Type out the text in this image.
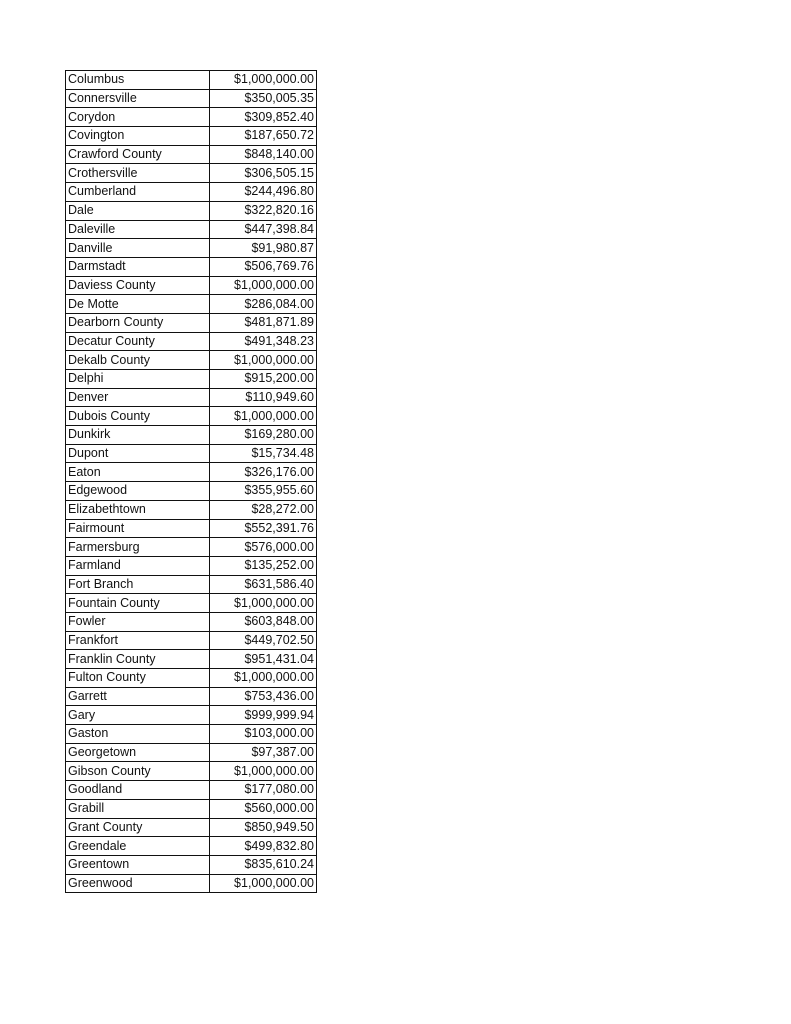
Columbus	$1,000,000.00
Connersville	$350,005.35
Corydon	$309,852.40
Covington	$187,650.72
Crawford County	$848,140.00
Crothersville	$306,505.15
Cumberland	$244,496.80
Dale	$322,820.16
Daleville	$447,398.84
Danville	$91,980.87
Darmstadt	$506,769.76
Daviess County	$1,000,000.00
De Motte	$286,084.00
Dearborn County	$481,871.89
Decatur County	$491,348.23
Dekalb County	$1,000,000.00
Delphi	$915,200.00
Denver	$110,949.60
Dubois County	$1,000,000.00
Dunkirk	$169,280.00
Dupont	$15,734.48
Eaton	$326,176.00
Edgewood	$355,955.60
Elizabethtown	$28,272.00
Fairmount	$552,391.76
Farmersburg	$576,000.00
Farmland	$135,252.00
Fort Branch	$631,586.40
Fountain County	$1,000,000.00
Fowler	$603,848.00
Frankfort	$449,702.50
Franklin County	$951,431.04
Fulton County	$1,000,000.00
Garrett	$753,436.00
Gary	$999,999.94
Gaston	$103,000.00
Georgetown	$97,387.00
Gibson County	$1,000,000.00
Goodland	$177,080.00
Grabill	$560,000.00
Grant County	$850,949.50
Greendale	$499,832.80
Greentown	$835,610.24
Greenwood	$1,000,000.00
